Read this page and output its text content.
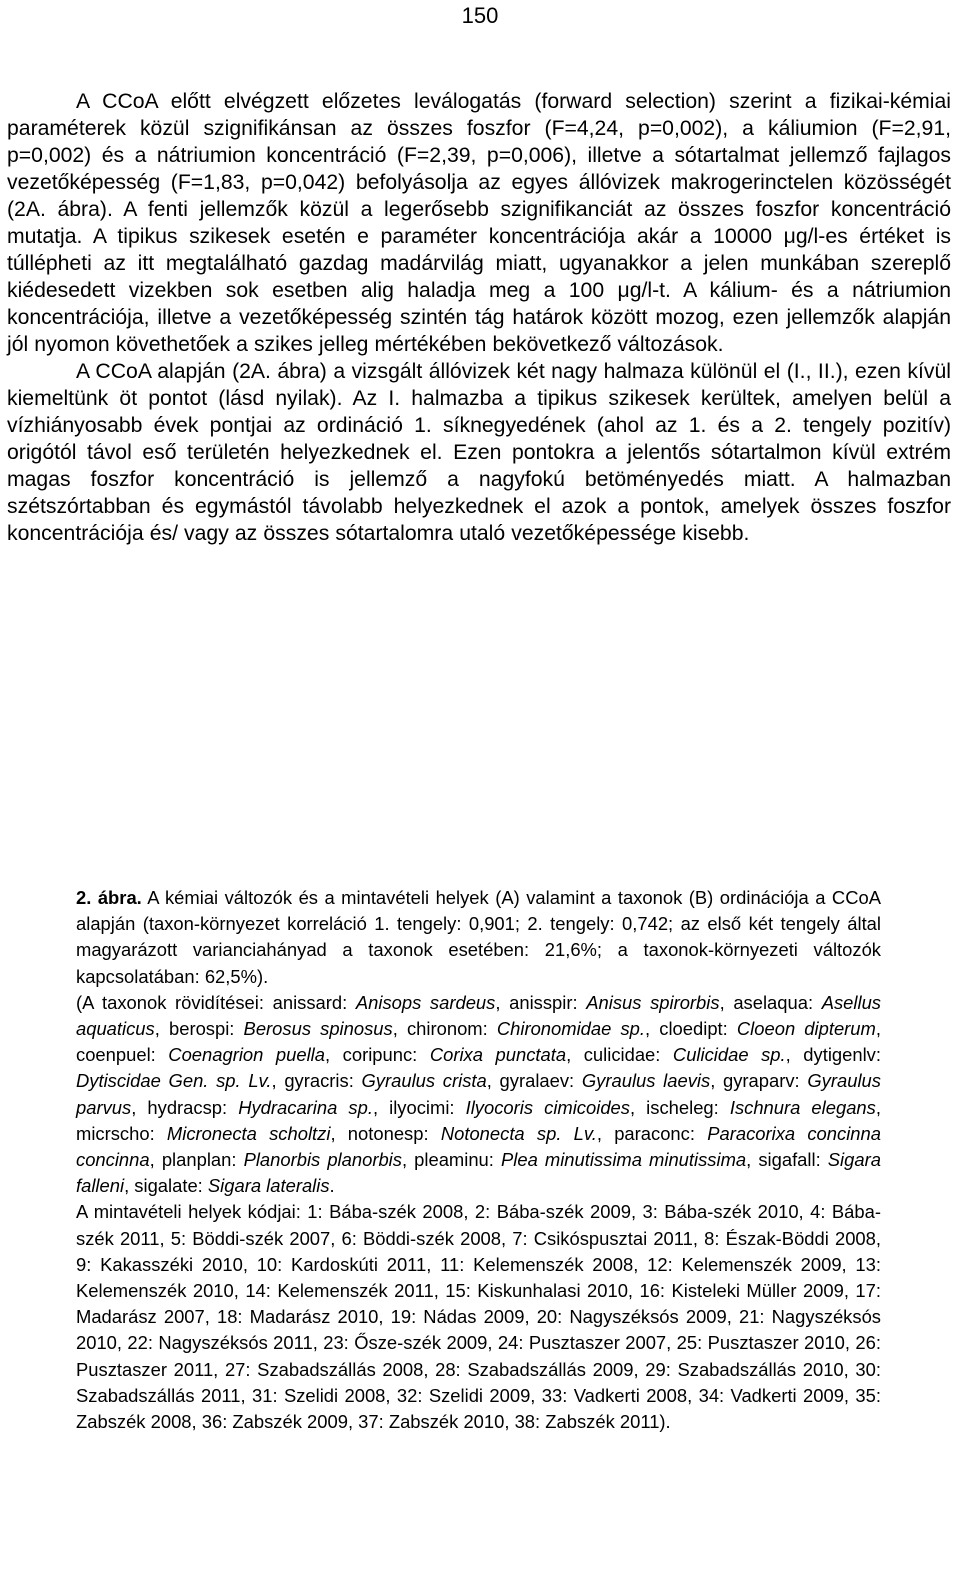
150

A CCoA előtt elvégzett előzetes leválogatás (forward selection) szerint a fizikai-kémiai paraméterek közül szignifikánsan az összes foszfor (F=4,24, p=0,002), a káliumion (F=2,91, p=0,002) és a nátriumion koncentráció (F=2,39, p=0,006), illetve a sótartalmat jellemző fajlagos vezetőképesség (F=1,83, p=0,042) befolyásolja az egyes állóvizek makrogerinctelen közösségét (2A. ábra). A fenti jellemzők közül a legerősebb szignifikanciát az összes foszfor koncentráció mutatja. A tipikus szikesek esetén e paraméter koncentrációja akár a 10000 μg/l-es értéket is túllépheti az itt megtalálható gazdag madárvilág miatt, ugyanakkor a jelen munkában szereplő kiédesedett vizekben sok esetben alig haladja meg a 100 μg/l-t. A kálium- és a nátriumion koncentrációja, illetve a vezetőképesség szintén tág határok között mozog, ezen jellemzők alapján jól nyomon követhetőek a szikes jelleg mértékében bekövetkező változások.

A CCoA alapján (2A. ábra) a vizsgált állóvizek két nagy halmaza különül el (I., II.), ezen kívül kiemeltünk öt pontot (lásd nyilak). Az I. halmazba a tipikus szikesek kerültek, amelyen belül a vízhiányosabb évek pontjai az ordináció 1. síknegyedének (ahol az 1. és a 2. tengely pozitív) origótól távol eső területén helyezkednek el. Ezen pontokra a jelentős sótartalmon kívül extrém magas foszfor koncentráció is jellemző a nagyfokú betöményedés miatt. A halmazban szétszórtabban és egymástól távolabb helyezkednek el azok a pontok, amelyek összes foszfor koncentrációja és/ vagy az összes sótartalomra utaló vezetőképessége kisebb.

2. ábra. A kémiai változók és a mintavételi helyek (A) valamint a taxonok (B) ordinációja a CCoA alapján (taxon-környezet korreláció 1. tengely: 0,901; 2. tengely: 0,742; az első két tengely által magyarázott varianciahányad a taxonok esetében: 21,6%; a taxonok-környezeti változók kapcsolatában: 62,5%).

(A taxonok rövidítései: anissard: Anisops sardeus, anisspir: Anisus spirorbis, aselaqua: Asellus aquaticus, berospi: Berosus spinosus, chironom: Chironomidae sp., cloedipt: Cloeon dipterum, coenpuel: Coenagrion puella, coripunc: Corixa punctata, culicidae: Culicidae sp., dytigenlv: Dytiscidae Gen. sp. Lv., gyracris: Gyraulus crista, gyralaev: Gyraulus laevis, gyraparv: Gyraulus parvus, hydracsp: Hydracarina sp., ilyocimi: Ilyocoris cimicoides, ischeleg: Ischnura elegans, micrscho: Micronecta scholtzi, notonesp: Notonecta sp. Lv., paraconc: Paracorixa concinna concinna, planplan: Planorbis planorbis, pleaminu: Plea minutissima minutissima, sigafall: Sigara falleni, sigalate: Sigara lateralis.

A mintavételi helyek kódjai: 1: Bába-szék 2008, 2: Bába-szék 2009, 3: Bába-szék 2010, 4: Bába-szék 2011, 5: Böddi-szék 2007, 6: Böddi-szék 2008, 7: Csikóspusztai 2011, 8: Észak-Böddi 2008, 9: Kakasszéki 2010, 10: Kardoskúti 2011, 11: Kelemenszék 2008, 12: Kelemenszék 2009, 13: Kelemenszék 2010, 14: Kelemenszék 2011, 15: Kiskunhalasi 2010, 16: Kisteleki Müller 2009, 17: Madarász 2007, 18: Madarász 2010, 19: Nádas 2009, 20: Nagyszéksós 2009, 21: Nagyszéksós 2010, 22: Nagyszéksós 2011, 23: Ősze-szék 2009, 24: Pusztaszer 2007, 25: Pusztaszer 2010, 26: Pusztaszer 2011, 27: Szabadszállás 2008, 28: Szabadszállás 2009, 29: Szabadszállás 2010, 30: Szabadszállás 2011, 31: Szelidi 2008, 32: Szelidi 2009, 33: Vadkerti 2008, 34: Vadkerti 2009, 35: Zabszék 2008, 36: Zabszék 2009, 37: Zabszék 2010, 38: Zabszék 2011).
